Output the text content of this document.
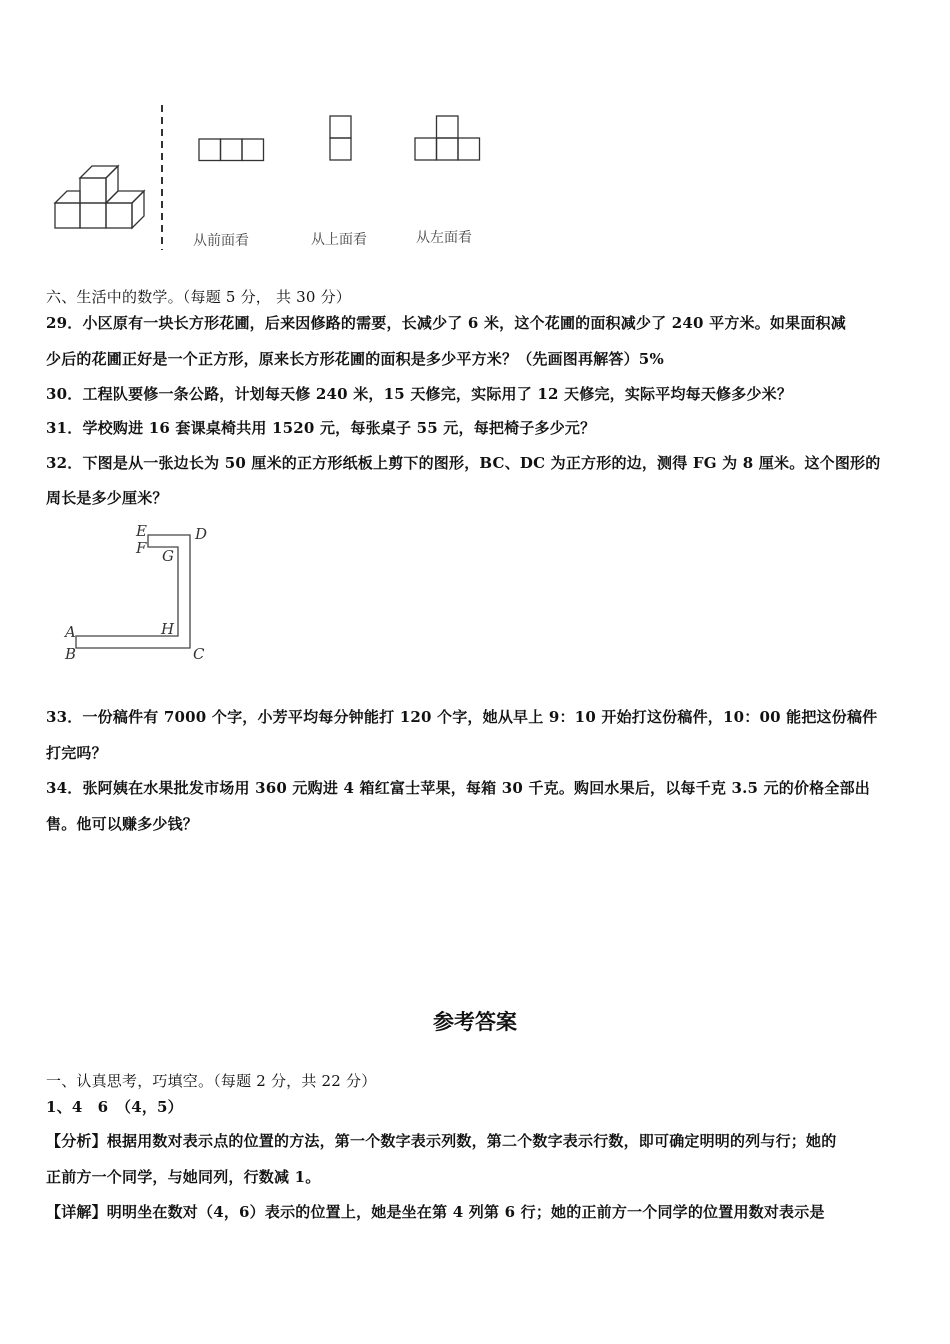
从前面看	从上面看	从左面看
六、生活中的数学。（每题 5 分， 共 30 分）
29．小区原有一块长方形花圃，后来因修路的需要，长减少了 6 米，这个花圃的面积减少了 240 平方米。如果面积减
少后的花圃正好是一个正方形，原来长方形花圃的面积是多少平方米？（先画图再解答）5%
30．工程队要修一条公路，计划每天修 240 米，15 天修完，实际用了 12 天修完，实际平均每天修多少米？
31．学校购进 16 套课桌椅共用 1520 元，每张桌子 55 元，每把椅子多少元？
32．下图是从一张边长为 50 厘米的正方形纸板上剪下的图形，BC、DC 为正方形的边，测得 FG 为 8 厘米。这个图形的
周长是多少厘米？
E
F G
D
A
B
H
C
33．一份稿件有 7000 个字，小芳平均每分钟能打 120 个字，她从早上 9：10 开始打这份稿件，10：00 能把这份稿件
打完吗？
34．张阿姨在水果批发市场用 360 元购进 4 箱红富士苹果，每箱 30 千克。购回水果后，以每千克 3.5 元的价格全部出
售。他可以赚多少钱？
参考答案
一、认真思考，巧填空。（每题 2 分，共 22 分）
1、4　6　（4，5）
【分析】根据用数对表示点的位置的方法，第一个数字表示列数，第二个数字表示行数，即可确定明明的列与行；她的
正前方一个同学，与她同列，行数减 1。
【详解】明明坐在数对（4，6）表示的位置上，她是坐在第 4 列第 6 行；她的正前方一个同学的位置用数对表示是
